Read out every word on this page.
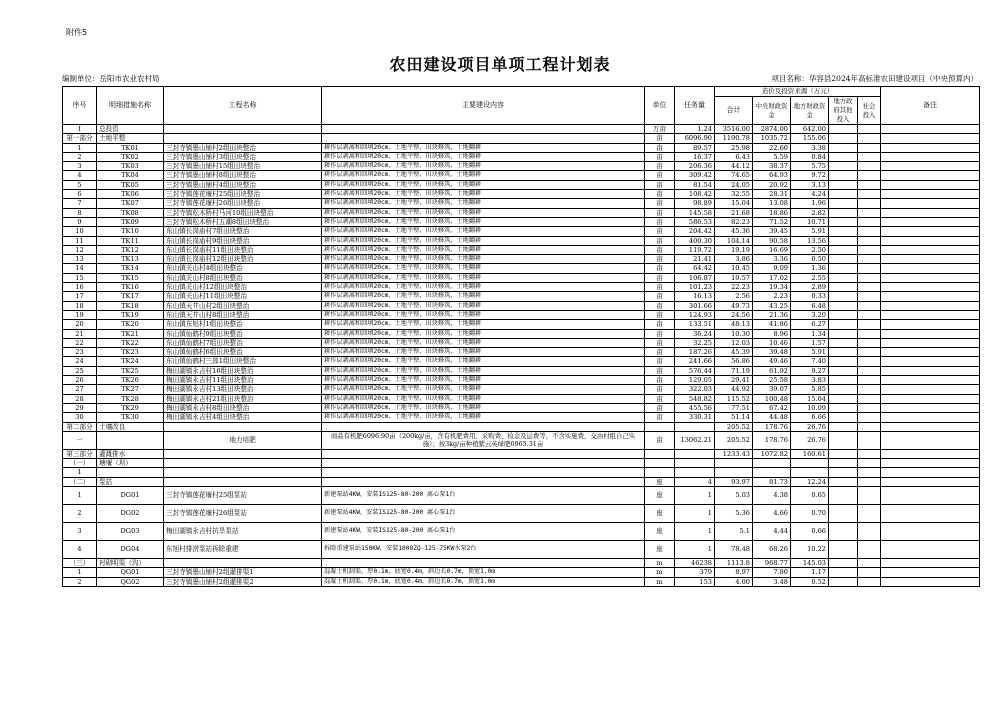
附件5
农田建设项目单项工程计划表
编制单位：岳阳市农业农村局	项目名称：华容县2024年高标准农田建设项目（中央预算内）
序号	明细措施名称	工程名称	主要建设内容	单位	任务量	造价及投资来源（万元）					备注
						合计	中央财政资金	地方财政资金	地方政府其他投入	社会投入	
Ⅰ	总投资			万亩	1.24	3516.00	2874.00	642.00			
第一部分	土地平整			亩	6096.90	1190.78	1035.72	155.06			
1	TK01	三封寺镇墨山铺村2组田块整治	耕作层剥离和回填20cm、土地平整、田块修筑、土地翻耕	亩	89.57	25.98	22.60	3.38			
2	TK02	三封寺镇墨山铺村3组田块整治	耕作层剥离和回填20cm、土地平整、田块修筑、土地翻耕	亩	16.37	6.43	5.59	0.84			
3	TK03	三封寺镇墨山铺村15组田块整治	耕作层剥离和回填20cm、土地平整、田块修筑、土地翻耕	亩	206.36	44.12	38.37	5.75			
4	TK04	三封寺镇墨山铺村8组田块整治	耕作层剥离和回填20cm、土地平整、田块修筑、土地翻耕	亩	309.42	74.65	64.93	9.72			
5	TK05	三封寺镇墨山铺村4组田块整治	耕作层剥离和回填20cm、土地平整、田块修筑、土地翻耕	亩	81.54	24.05	20.92	3.13			
6	TK06	三封寺镇莲花堰村25组田块整治	耕作层剥离和回填20cm、土地平整、田块修筑、土地翻耕	亩	108.42	32.55	28.31	4.24			
7	TK07	三封寺镇莲花堰村26组田块整治	耕作层剥离和回填20cm、土地平整、田块修筑、土地翻耕	亩	98.89	15.04	13.08	1.96			
8	TK08	三封寺镇松木桥村马河10组田块整治	耕作层剥离和回填20cm、土地平整、田块修筑、土地翻耕	亩	145.58	21.68	18.86	2.82			
9	TK09	三封寺镇松木桥村五潮8组田块整治	耕作层剥离和回填20cm、土地平整、田块修筑、土地翻耕	亩	586.53	82.23	71.52	10.71			
10	TK10	东山镇长岗庙村7组田块整治	耕作层剥离和回填20cm、土地平整、田块修筑、土地翻耕	亩	204.42	45.36	39.45	5.91			
11	TK11	东山镇长岗庙村9组田块整治	耕作层剥离和回填20cm、土地平整、田块修筑、土地翻耕	亩	400.30	104.14	90.58	13.56			
12	TK12	东山镇长岗庙村11组田块整治	耕作层剥离和回填20cm、土地平整、田块修筑、土地翻耕	亩	119.72	19.19	16.69	2.50			
13	TK13	东山镇长岗庙村12组田块整治	耕作层剥离和回填20cm、土地平整、田块修筑、土地翻耕	亩	21.41	3.86	3.36	0.50			
14	TK14	东山镇关山村4组田块整治	耕作层剥离和回填20cm、土地平整、田块修筑、土地翻耕	亩	64.42	10.45	9.09	1.36			
15	TK15	东山镇关山村8组田块整治	耕作层剥离和回填20cm、土地平整、田块修筑、土地翻耕	亩	106.87	19.57	17.02	2.55			
16	TK16	东山镇关山村12组田块整治	耕作层剥离和回填20cm、土地平整、田块修筑、土地翻耕	亩	101.23	22.23	19.34	2.89			
17	TK17	东山镇关山村11组田块整治	耕作层剥离和回填20cm、土地平整、田块修筑、土地翻耕	亩	16.13	2.56	2.23	0.33			
18	TK18	东山镇天井山村2组田块整治	耕作层剥离和回填20cm、土地平整、田块修筑、土地翻耕	亩	301.66	49.73	43.25	6.48			
19	TK19	东山镇天井山村8组田块整治	耕作层剥离和回填20cm、土地平整、田块修筑、土地翻耕	亩	124.93	24.56	21.36	3.20			
20	TK20	东山镇东旭村1组田块整治	耕作层剥离和回填20cm、土地平整、田块修筑、土地翻耕	亩	133.51	48.13	41.86	6.27			
21	TK21	东山镇仙鹤村9组田块整治	耕作层剥离和回填20cm、土地平整、田块修筑、土地翻耕	亩	36.24	10.30	8.96	1.34			
22	TK22	东山镇仙鹤村7组田块整治	耕作层剥离和回填20cm、土地平整、田块修筑、土地翻耕	亩	32.25	12.03	10.46	1.57			
23	TK23	东山镇仙鹤村6组田块整治	耕作层剥离和回填20cm、土地平整、田块修筑、土地翻耕	亩	187.26	45.39	39.48	5.91			
24	TK24	东山镇仙鹤村三郎1组田块整治	耕作层剥离和回填20cm、土地平整、田块修筑、土地翻耕	亩	241.66	56.86	49.46	7.40			
25	TK25	梅田湖镇永吉村16组田块整治	耕作层剥离和回填20cm、土地平整、田块修筑、土地翻耕	亩	576.44	71.19	61.92	9.27			
26	TK26	梅田湖镇永吉村11组田块整治	耕作层剥离和回填20cm、土地平整、田块修筑、土地翻耕	亩	129.05	29.41	25.58	3.83			
27	TK27	梅田湖镇永吉村13组田块整治	耕作层剥离和回填20cm、土地平整、田块修筑、土地翻耕	亩	322.03	44.92	39.07	5.85			
28	TK28	梅田湖镇永吉村21组田块整治	耕作层剥离和回填20cm、土地平整、田块修筑、土地翻耕	亩	548.82	115.52	100.48	15.04			
29	TK29	梅田湖镇永吉村8组田块整治	耕作层剥离和回填20cm、土地平整、田块修筑、土地翻耕	亩	455.56	77.51	67.42	10.09			
30	TK30	梅田湖镇永吉村4组田块整治	耕作层剥离和回填20cm、土地平整、田块修筑、土地翻耕	亩	330.31	51.14	44.48	6.66			
第二部分	土壤改良					205.52	178.76	26.76			
一		地力培肥	商品有机肥6096.90亩（200kg/亩，含有机肥费用、采购费、检金及运费等，不含实施费，交由村组自己实施）；按3kg/亩种植紫云英绿肥6965.31亩	亩	13062.21	205.52	178.76	26.76			
第三部分	灌溉排水					1233.43	1072.82	160.61			
（一）	塘堰（坝）										
1											
（二）	泵站			座	4	93.97	81.73	12.24			
1	DG01	三封寺镇莲花堰村25组泵站	新建泵站4KW，安装IS125-80-200 离心泵1台	座	1	5.03	4.38	0.65			
2	DG02	三封寺镇莲花堰村26组泵站	新建泵站4KW，安装IS125-80-200 离心泵1台	座	1	5.36	4.66	0.70			
3	DG03	梅田湖镇永吉村抗旱泵站	新建泵站4KW，安装IS125-80-200 离心泵1台	座	1	5.1	4.44	0.66			
4	DG04	东旭村排涝泵站拆除重建	拆除重建泵站150KW，安装1000ZQ-125-75KW水泵2台	座	1	78.48	68.26	10.22			
（三）	衬砌明渠（沟）			m	46238	1113.8	968.77	145.03			
1	QG01	三封寺镇墨山铺村2组灌排渠1	混凝土机制渠，厚0.1m，底宽0.4m，斜边长0.7m，顶宽1.0m	m	379	8.97	7.80	1.17			
2	QG02	三封寺镇墨山铺村2组灌排渠2	混凝土机制渠，厚0.1m，底宽0.4m，斜边长0.7m，顶宽1.0m	m	153	4.00	3.48	0.52			
